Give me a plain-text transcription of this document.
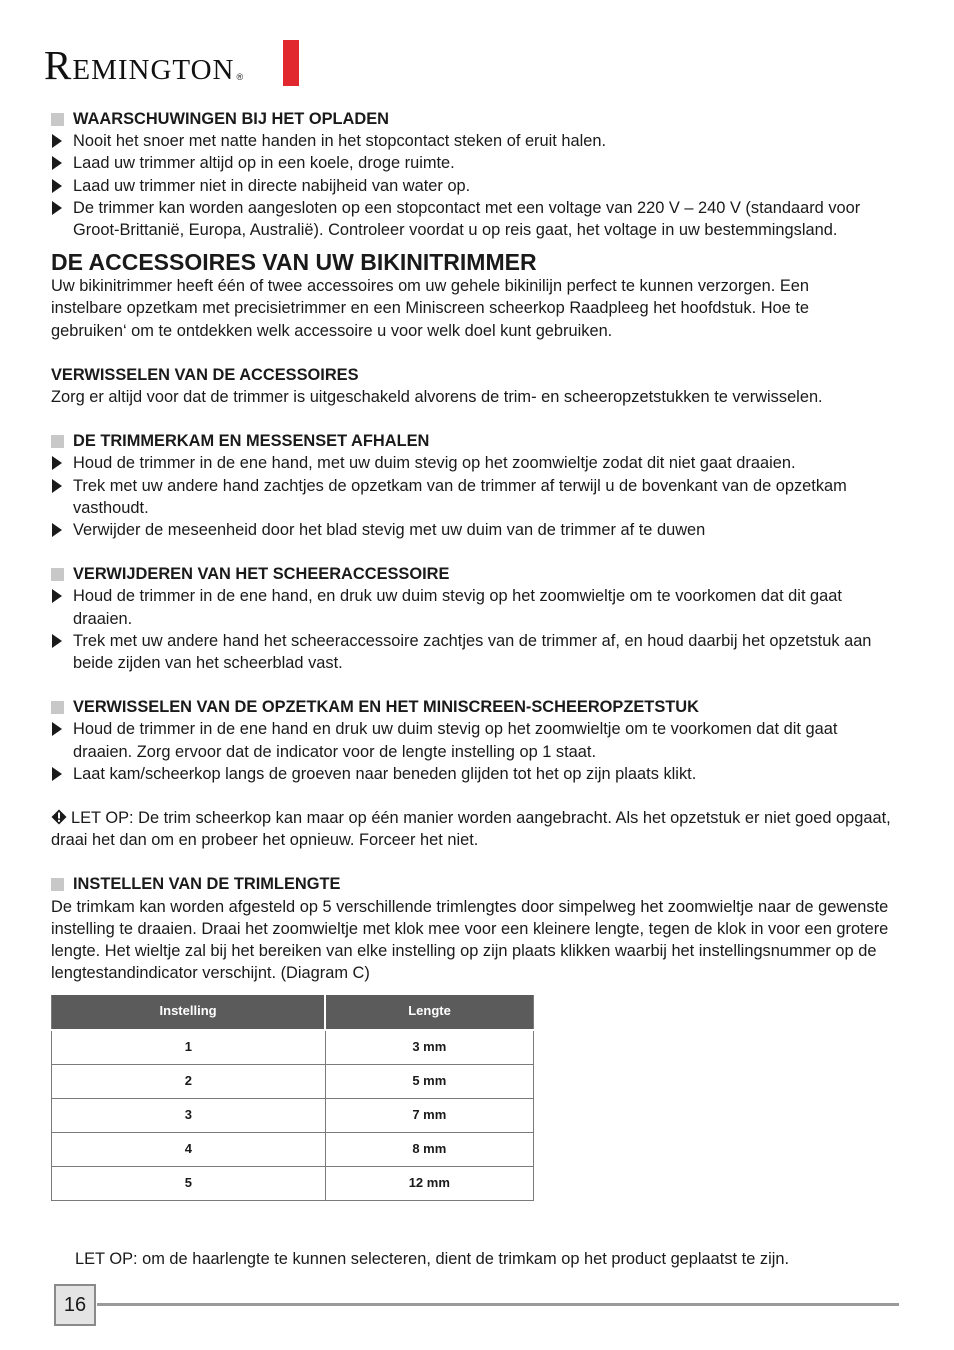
REMINGTON ®
WAARSCHUWINGEN BIJ HET OPLADEN
Nooit het snoer met natte handen in het stopcontact steken of eruit halen.
Laad uw trimmer altijd op in een koele, droge ruimte.
Laad uw trimmer niet in directe nabijheid van water op.
De trimmer kan worden aangesloten op een stopcontact met een voltage van 220 V – 240 V (standaard voor Groot-Brittanië, Europa, Australië). Controleer voordat u op reis gaat, het voltage in uw bestemmingsland.
DE ACCESSOIRES VAN UW BIKINITRIMMER

Uw bikinitrimmer heeft één of twee accessoires om uw gehele bikinilijn perfect te kunnen verzorgen. Een instelbare opzetkam met precisietrimmer en een Miniscreen scheerkop Raadpleeg het hoofdstuk. Hoe te gebruiken‘ om te ontdekken welk accessoire u voor welk doel kunt gebruiken.

VERWISSELEN VAN DE ACCESSOIRES

Zorg er altijd voor dat de trimmer is uitgeschakeld alvorens de trim- en scheeropzetstukken te verwisselen.

DE TRIMMERKAM EN MESSENSET AFHALEN
Houd de trimmer in de ene hand, met uw duim stevig op het zoomwieltje zodat dit niet gaat draaien.
Trek met uw andere hand zachtjes de opzetkam van de trimmer af terwijl u de bovenkant van de opzetkam vasthoudt.
Verwijder de meseenheid door het blad stevig met uw duim van de trimmer af te duwen
VERWIJDEREN VAN HET SCHEERACCESSOIRE
Houd de trimmer in de ene hand, en druk uw duim stevig op het zoomwieltje om te voorkomen dat dit gaat draaien.
Trek met uw andere hand het scheeraccessoire zachtjes van de trimmer af, en houd daarbij het opzetstuk aan beide zijden van het scheerblad vast.
VERWISSELEN VAN DE OPZETKAM EN HET MINISCREEN-SCHEEROPZETSTUK
Houd de trimmer in de ene hand en druk uw duim stevig op het zoomwieltje om te voorkomen dat dit gaat draaien. Zorg ervoor dat de indicator voor de lengte instelling op 1 staat.
Laat kam/scheerkop langs de groeven naar beneden glijden tot het op zijn plaats klikt.

LET OP: De trim scheerkop kan maar op één manier worden aangebracht. Als het opzetstuk er niet goed opgaat, draai het dan om en probeer het opnieuw. Forceer het niet.

INSTELLEN VAN DE TRIMLENGTE

De trimkam kan worden afgesteld op 5 verschillende trimlengtes door simpelweg het zoomwieltje naar de gewenste instelling te draaien. Draai het zoomwieltje met klok mee voor een kleinere lengte, tegen de klok in voor een grotere lengte. Het wieltje zal bij het bereiken van elke instelling op zijn plaats klikken waarbij het instellingsnummer op de lengtestandindicator verschijnt. (Diagram C)

Instelling	Lengte
1	3 mm
2	5 mm
3	7 mm
4	8 mm
5	12 mm

LET OP: om de haarlengte te kunnen selecteren, dient de trimkam op het product geplaatst te zijn.

16
